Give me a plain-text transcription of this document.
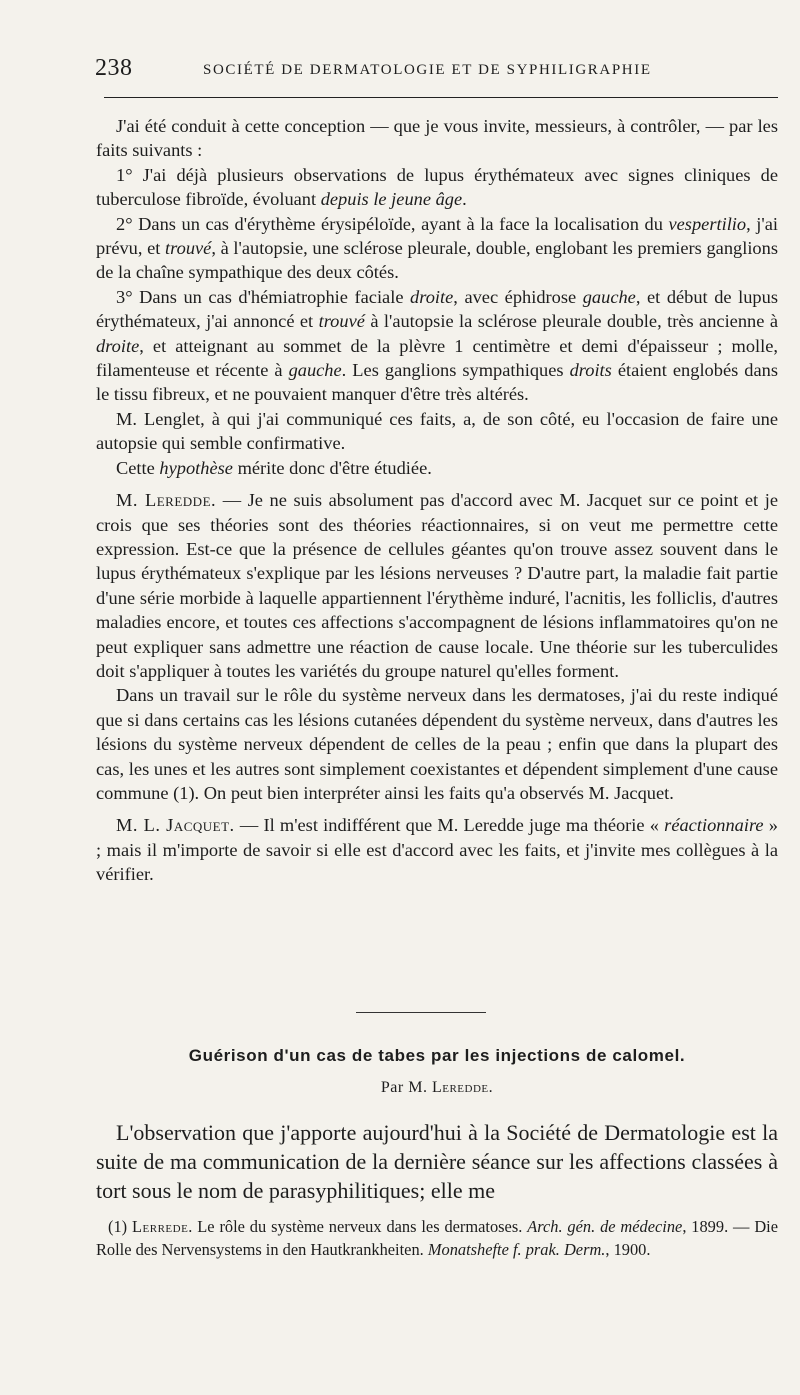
238	SOCIÉTÉ DE DERMATOLOGIE ET DE SYPHILIGRAPHIE

J'ai été conduit à cette conception — que je vous invite, messieurs, à contrôler, — par les faits suivants :

1° J'ai déjà plusieurs observations de lupus érythémateux avec signes cliniques de tuberculose fibroïde, évoluant depuis le jeune âge.

2° Dans un cas d'érythème érysipéloïde, ayant à la face la localisation du vespertilio, j'ai prévu, et trouvé, à l'autopsie, une sclérose pleurale, double, englobant les premiers ganglions de la chaîne sympathique des deux côtés.

3° Dans un cas d'hémiatrophie faciale droite, avec éphidrose gauche, et début de lupus érythémateux, j'ai annoncé et trouvé à l'autopsie la sclérose pleurale double, très ancienne à droite, et atteignant au sommet de la plèvre 1 centimètre et demi d'épaisseur ; molle, filamenteuse et récente à gauche. Les ganglions sympathiques droits étaient englobés dans le tissu fibreux, et ne pouvaient manquer d'être très altérés.

M. Lenglet, à qui j'ai communiqué ces faits, a, de son côté, eu l'occasion de faire une autopsie qui semble confirmative.

Cette hypothèse mérite donc d'être étudiée.

M. Leredde. — Je ne suis absolument pas d'accord avec M. Jacquet sur ce point et je crois que ses théories sont des théories réactionnaires, si on veut me permettre cette expression. Est-ce que la présence de cellules géantes qu'on trouve assez souvent dans le lupus érythémateux s'explique par les lésions nerveuses ? D'autre part, la maladie fait partie d'une série morbide à laquelle appartiennent l'érythème induré, l'acnitis, les folliclis, d'autres maladies encore, et toutes ces affections s'accompagnent de lésions inflammatoires qu'on ne peut expliquer sans admettre une réaction de cause locale. Une théorie sur les tuberculides doit s'appliquer à toutes les variétés du groupe naturel qu'elles forment.

Dans un travail sur le rôle du système nerveux dans les dermatoses, j'ai du reste indiqué que si dans certains cas les lésions cutanées dépendent du système nerveux, dans d'autres les lésions du système nerveux dépendent de celles de la peau ; enfin que dans la plupart des cas, les unes et les autres sont simplement coexistantes et dépendent simplement d'une cause commune (1). On peut bien interpréter ainsi les faits qu'a observés M. Jacquet.

M. L. Jacquet. — Il m'est indifférent que M. Leredde juge ma théorie « réactionnaire » ; mais il m'importe de savoir si elle est d'accord avec les faits, et j'invite mes collègues à la vérifier.

Guérison d'un cas de tabes par les injections de calomel.
Par M. Leredde.

L'observation que j'apporte aujourd'hui à la Société de Dermatologie est la suite de ma communication de la dernière séance sur les affections classées à tort sous le nom de parasyphilitiques; elle me

(1) Lerrede. Le rôle du système nerveux dans les dermatoses. Arch. gén. de médecine, 1899. — Die Rolle des Nervensystems in den Hautkrankheiten. Monatshefte f. prak. Derm., 1900.
